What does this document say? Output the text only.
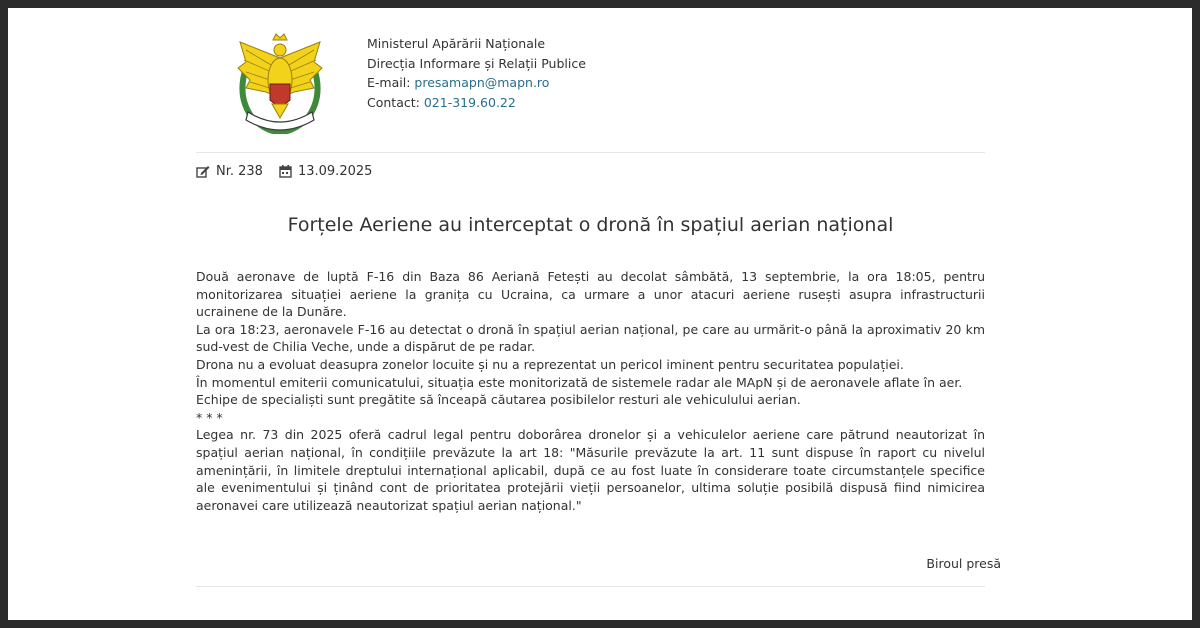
Ministerul Apărării Naționale
Direcția Informare și Relații Publice
E-mail: presamapn@mapn.ro
Contact: 021-319.60.22
Nr. 238	13.09.2025
Forțele Aeriene au interceptat o dronă în spațiul aerian național

Două aeronave de luptă F-16 din Baza 86 Aeriană Fetești au decolat sâmbătă, 13 septembrie, la ora 18:05, pentru monitorizarea situației aeriene la granița cu Ucraina, ca urmare a unor atacuri aeriene rusești asupra infrastructurii ucrainene de la Dunăre.

La ora 18:23, aeronavele F-16 au detectat o dronă în spațiul aerian național, pe care au urmărit-o până la aproximativ 20 km sud-vest de Chilia Veche, unde a dispărut de pe radar.

Drona nu a evoluat deasupra zonelor locuite și nu a reprezentat un pericol iminent pentru securitatea populației.

În momentul emiterii comunicatului, situația este monitorizată de sistemele radar ale MApN și de aeronavele aflate în aer.

Echipe de specialiști sunt pregătite să înceapă căutarea posibilelor resturi ale vehiculului aerian.

* * *

Legea nr. 73 din 2025 oferă cadrul legal pentru doborârea dronelor și a vehiculelor aeriene care pătrund neautorizat în spațiul aerian național, în condițiile prevăzute la art 18: "Măsurile prevăzute la art. 11 sunt dispuse în raport cu nivelul amenințării, în limitele dreptului internațional aplicabil, după ce au fost luate în considerare toate circumstanțele specifice ale evenimentului și ținând cont de prioritatea protejării vieții persoanelor, ultima soluție posibilă dispusă fiind nimicirea aeronavei care utilizează neautorizat spațiul aerian național."

Biroul presă
